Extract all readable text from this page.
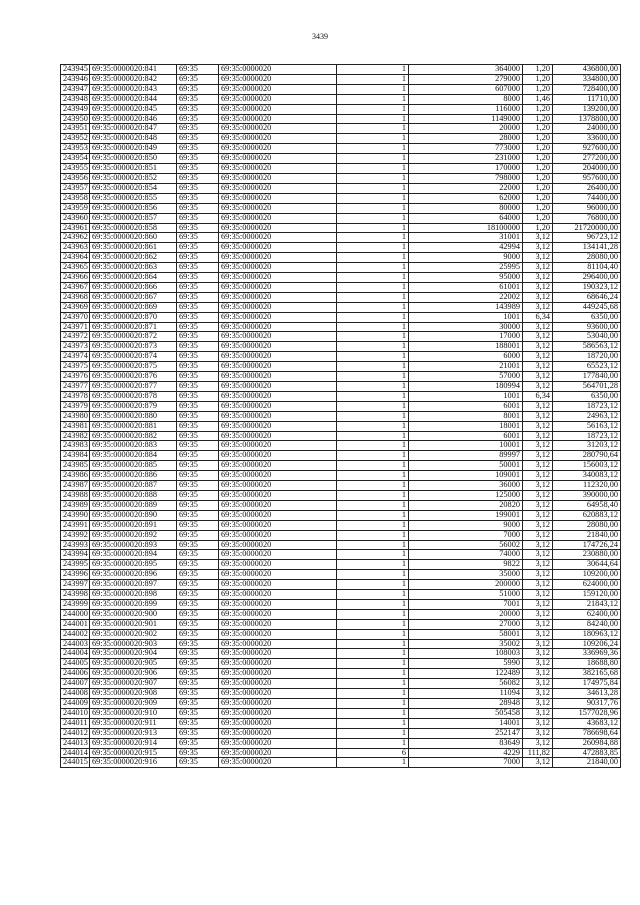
3439
243945	69:35:0000020:841	69:35	69:35:0000020	1	364000	1,20	436800,00
243946	69:35:0000020:842	69:35	69:35:0000020	1	279000	1,20	334800,00
243947	69:35:0000020:843	69:35	69:35:0000020	1	607000	1,20	728400,00
243948	69:35:0000020:844	69:35	69:35:0000020	1	8000	1,46	11710,00
243949	69:35:0000020:845	69:35	69:35:0000020	1	116000	1,20	139200,00
243950	69:35:0000020:846	69:35	69:35:0000020	1	1149000	1,20	1378800,00
243951	69:35:0000020:847	69:35	69:35:0000020	1	20000	1,20	24000,00
243952	69:35:0000020:848	69:35	69:35:0000020	1	28000	1,20	33600,00
243953	69:35:0000020:849	69:35	69:35:0000020	1	773000	1,20	927600,00
243954	69:35:0000020:850	69:35	69:35:0000020	1	231000	1,20	277200,00
243955	69:35:0000020:851	69:35	69:35:0000020	1	170000	1,20	204000,00
243956	69:35:0000020:852	69:35	69:35:0000020	1	798000	1,20	957600,00
243957	69:35:0000020:854	69:35	69:35:0000020	1	22000	1,20	26400,00
243958	69:35:0000020:855	69:35	69:35:0000020	1	62000	1,20	74400,00
243959	69:35:0000020:856	69:35	69:35:0000020	1	80000	1,20	96000,00
243960	69:35:0000020:857	69:35	69:35:0000020	1	64000	1,20	76800,00
243961	69:35:0000020:858	69:35	69:35:0000020	1	18100000	1,20	21720000,00
243962	69:35:0000020:860	69:35	69:35:0000020	1	31001	3,12	96723,12
243963	69:35:0000020:861	69:35	69:35:0000020	1	42994	3,12	134141,28
243964	69:35:0000020:862	69:35	69:35:0000020	1	9000	3,12	28080,00
243965	69:35:0000020:863	69:35	69:35:0000020	1	25995	3,12	81104,40
243966	69:35:0000020:864	69:35	69:35:0000020	1	95000	3,12	296400,00
243967	69:35:0000020:866	69:35	69:35:0000020	1	61001	3,12	190323,12
243968	69:35:0000020:867	69:35	69:35:0000020	1	22002	3,12	68646,24
243969	69:35:0000020:869	69:35	69:35:0000020	1	143989	3,12	449245,68
243970	69:35:0000020:870	69:35	69:35:0000020	1	1001	6,34	6350,00
243971	69:35:0000020:871	69:35	69:35:0000020	1	30000	3,12	93600,00
243972	69:35:0000020:872	69:35	69:35:0000020	1	17000	3,12	53040,00
243973	69:35:0000020:873	69:35	69:35:0000020	1	188001	3,12	586563,12
243974	69:35:0000020:874	69:35	69:35:0000020	1	6000	3,12	18720,00
243975	69:35:0000020:875	69:35	69:35:0000020	1	21001	3,12	65523,12
243976	69:35:0000020:876	69:35	69:35:0000020	1	57000	3,12	177840,00
243977	69:35:0000020:877	69:35	69:35:0000020	1	180994	3,12	564701,28
243978	69:35:0000020:878	69:35	69:35:0000020	1	1001	6,34	6350,00
243979	69:35:0000020:879	69:35	69:35:0000020	1	6001	3,12	18723,12
243980	69:35:0000020:880	69:35	69:35:0000020	1	8001	3,12	24963,12
243981	69:35:0000020:881	69:35	69:35:0000020	1	18001	3,12	56163,12
243982	69:35:0000020:882	69:35	69:35:0000020	1	6001	3,12	18723,12
243983	69:35:0000020:883	69:35	69:35:0000020	1	10001	3,12	31203,12
243984	69:35:0000020:884	69:35	69:35:0000020	1	89997	3,12	280790,64
243985	69:35:0000020:885	69:35	69:35:0000020	1	50001	3,12	156003,12
243986	69:35:0000020:886	69:35	69:35:0000020	1	109001	3,12	340083,12
243987	69:35:0000020:887	69:35	69:35:0000020	1	36000	3,12	112320,00
243988	69:35:0000020:888	69:35	69:35:0000020	1	125000	3,12	390000,00
243989	69:35:0000020:889	69:35	69:35:0000020	1	20820	3,12	64958,40
243990	69:35:0000020:890	69:35	69:35:0000020	1	199001	3,12	620883,12
243991	69:35:0000020:891	69:35	69:35:0000020	1	9000	3,12	28080,00
243992	69:35:0000020:892	69:35	69:35:0000020	1	7000	3,12	21840,00
243993	69:35:0000020:893	69:35	69:35:0000020	1	56002	3,12	174726,24
243994	69:35:0000020:894	69:35	69:35:0000020	1	74000	3,12	230880,00
243995	69:35:0000020:895	69:35	69:35:0000020	1	9822	3,12	30644,64
243996	69:35:0000020:896	69:35	69:35:0000020	1	35000	3,12	109200,00
243997	69:35:0000020:897	69:35	69:35:0000020	1	200000	3,12	624000,00
243998	69:35:0000020:898	69:35	69:35:0000020	1	51000	3,12	159120,00
243999	69:35:0000020:899	69:35	69:35:0000020	1	7001	3,12	21843,12
244000	69:35:0000020:900	69:35	69:35:0000020	1	20000	3,12	62400,00
244001	69:35:0000020:901	69:35	69:35:0000020	1	27000	3,12	84240,00
244002	69:35:0000020:902	69:35	69:35:0000020	1	58001	3,12	180963,12
244003	69:35:0000020:903	69:35	69:35:0000020	1	35002	3,12	109206,24
244004	69:35:0000020:904	69:35	69:35:0000020	1	108003	3,12	336969,36
244005	69:35:0000020:905	69:35	69:35:0000020	1	5990	3,12	18688,80
244006	69:35:0000020:906	69:35	69:35:0000020	1	122489	3,12	382165,68
244007	69:35:0000020:907	69:35	69:35:0000020	1	56082	3,12	174975,84
244008	69:35:0000020:908	69:35	69:35:0000020	1	11094	3,12	34613,28
244009	69:35:0000020:909	69:35	69:35:0000020	1	28948	3,12	90317,76
244010	69:35:0000020:910	69:35	69:35:0000020	1	505458	3,12	1577028,96
244011	69:35:0000020:911	69:35	69:35:0000020	1	14001	3,12	43683,12
244012	69:35:0000020:913	69:35	69:35:0000020	1	252147	3,12	786698,64
244013	69:35:0000020:914	69:35	69:35:0000020	1	83649	3,12	260984,88
244014	69:35:0000020:915	69:35	69:35:0000020	6	4229	111,82	472883,85
244015	69:35:0000020:916	69:35	69:35:0000020	1	7000	3,12	21840,00
